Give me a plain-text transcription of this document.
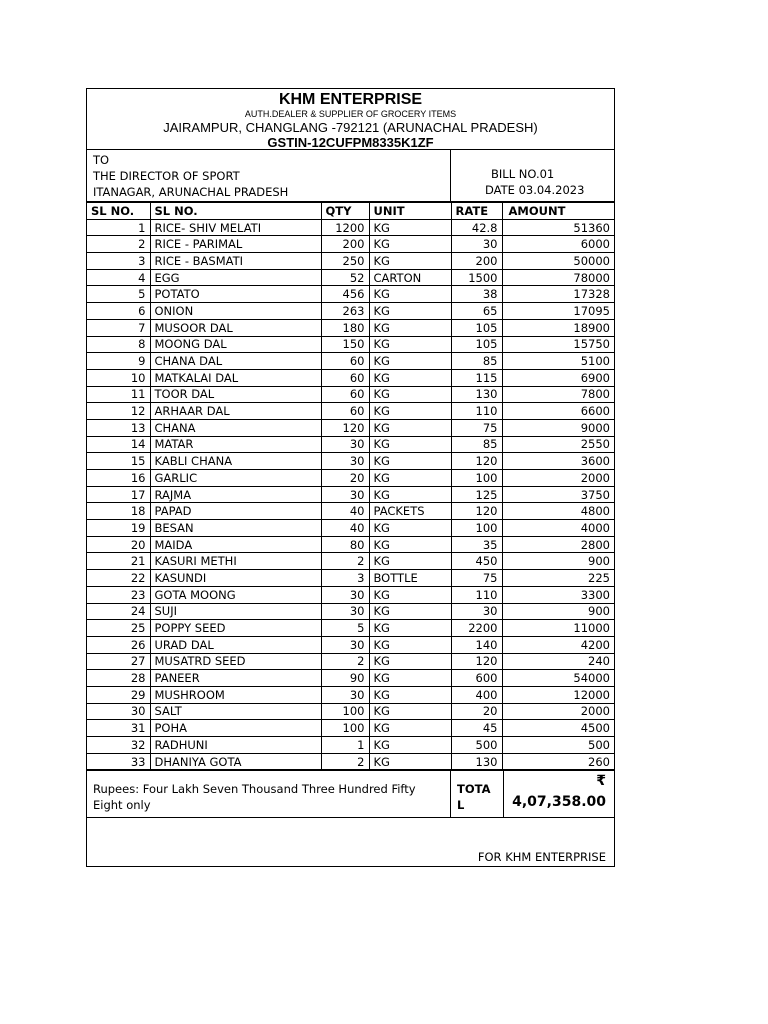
KHM ENTERPRISE
AUTH.DEALER & SUPPLIER OF GROCERY ITEMS
JAIRAMPUR, CHANGLANG -792121 (ARUNACHAL PRADESH)
GSTIN-12CUFPM8335K1ZF
TO
THE DIRECTOR OF SPORT
ITANAGAR, ARUNACHAL PRADESH
BILL NO.01
DATE 03.04.2023
SL NO.	SL NO.	QTY	UNIT	RATE	AMOUNT
1	RICE- SHIV MELATI	1200	KG	42.8	51360
2	RICE - PARIMAL	200	KG	30	6000
3	RICE - BASMATI	250	KG	200	50000
4	EGG	52	CARTON	1500	78000
5	POTATO	456	KG	38	17328
6	ONION	263	KG	65	17095
7	MUSOOR DAL	180	KG	105	18900
8	MOONG DAL	150	KG	105	15750
9	CHANA DAL	60	KG	85	5100
10	MATKALAI DAL	60	KG	115	6900
11	TOOR DAL	60	KG	130	7800
12	ARHAAR DAL	60	KG	110	6600
13	CHANA	120	KG	75	9000
14	MATAR	30	KG	85	2550
15	KABLI CHANA	30	KG	120	3600
16	GARLIC	20	KG	100	2000
17	RAJMA	30	KG	125	3750
18	PAPAD	40	PACKETS	120	4800
19	BESAN	40	KG	100	4000
20	MAIDA	80	KG	35	2800
21	KASURI METHI	2	KG	450	900
22	KASUNDI	3	BOTTLE	75	225
23	GOTA MOONG	30	KG	110	3300
24	SUJI	30	KG	30	900
25	POPPY SEED	5	KG	2200	11000
26	URAD DAL	30	KG	140	4200
27	MUSATRD SEED	2	KG	120	240
28	PANEER	90	KG	600	54000
29	MUSHROOM	30	KG	400	12000
30	SALT	100	KG	20	2000
31	POHA	100	KG	45	4500
32	RADHUNI	1	KG	500	500
33	DHANIYA GOTA	2	KG	130	260
Rupees: Four Lakh Seven Thousand Three Hundred Fifty Eight only
TOTAL
₹
4,07,358.00
FOR KHM ENTERPRISE
